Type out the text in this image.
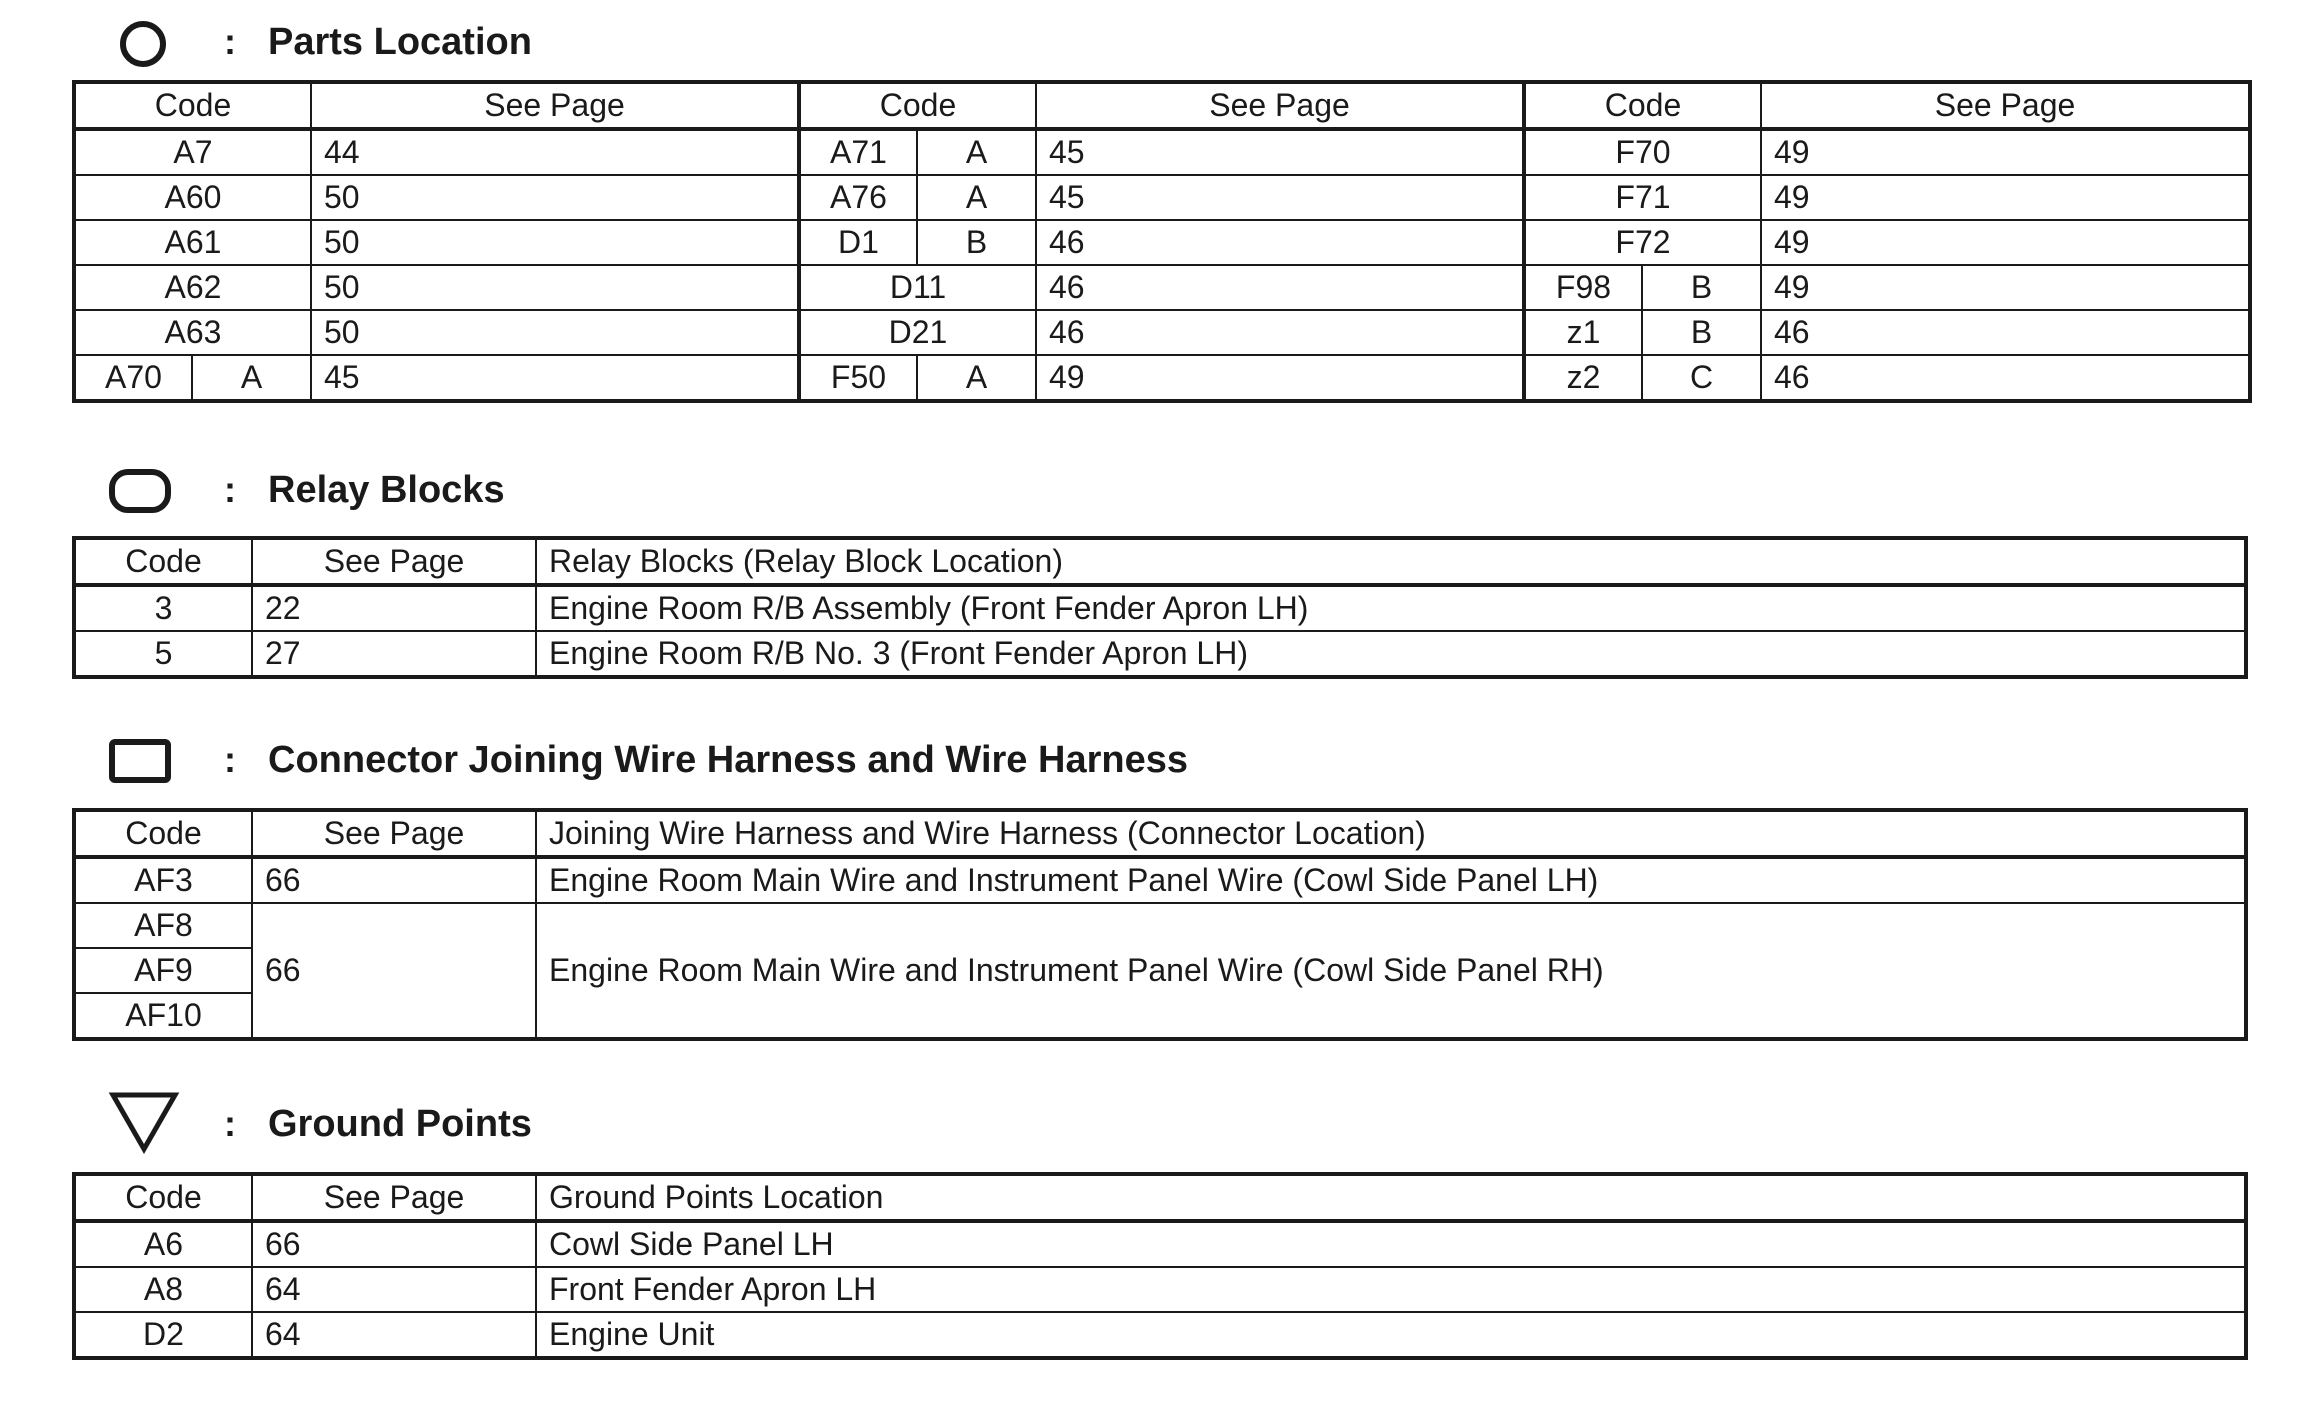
: Parts Location
Code		See Page	Code		See Page	Code		See Page
A7		44	A71	A	45	F70		49
A60		50	A76	A	45	F71		49
A61		50	D1	B	46	F72		49
A62		50	D11		46	F98	B	49
A63		50	D21		46	z1	B	46
A70	A	45	F50	A	49	z2	C	46
: Relay Blocks
Code	See Page	Relay Blocks (Relay Block Location)
3	22	Engine Room R/B Assembly (Front Fender Apron LH)
5	27	Engine Room R/B No. 3 (Front Fender Apron LH)
: Connector Joining Wire Harness and Wire Harness
Code	See Page	Joining Wire Harness and Wire Harness (Connector Location)
AF3	66	Engine Room Main Wire and Instrument Panel Wire (Cowl Side Panel LH)
AF8	66	Engine Room Main Wire and Instrument Panel Wire (Cowl Side Panel RH)
AF9		
AF10		
: Ground Points
Code	See Page	Ground Points Location
A6	66	Cowl Side Panel LH
A8	64	Front Fender Apron LH
D2	64	Engine Unit
